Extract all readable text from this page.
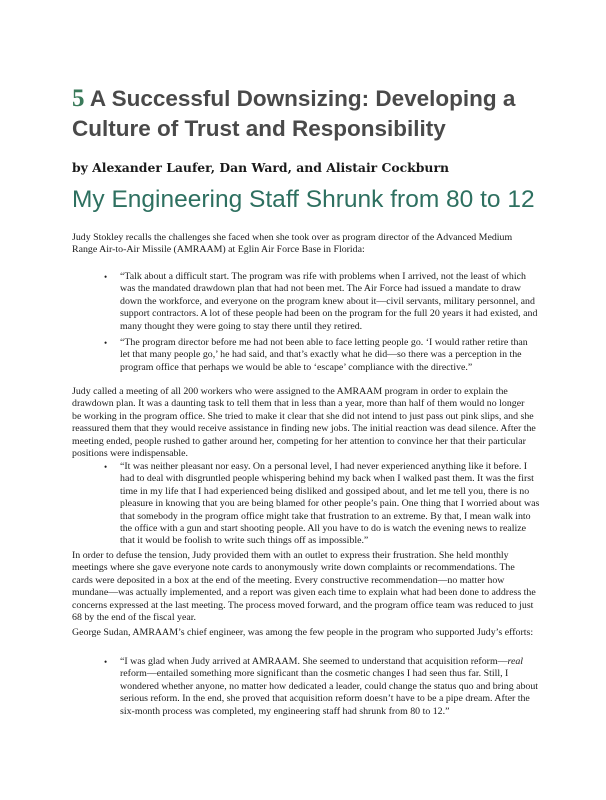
5 A Successful Downsizing: Developing a Culture of Trust and Responsibility

by Alexander Laufer, Dan Ward, and Alistair Cockburn

My Engineering Staff Shrunk from 80 to 12

Judy Stokley recalls the challenges she faced when she took over as program director of the Advanced Medium Range Air-to-Air Missile (AMRAAM) at Eglin Air Force Base in Florida:

• “Talk about a difficult start. The program was rife with problems when I arrived, not the least of which was the mandated drawdown plan that had not been met. The Air Force had issued a mandate to draw down the workforce, and everyone on the program knew about it—civil servants, military personnel, and support contractors. A lot of these people had been on the program for the full 20 years it had existed, and many thought they were going to stay there until they retired.

• “The program director before me had not been able to face letting people go. ‘I would rather retire than let that many people go,’ he had said, and that’s exactly what he did—so there was a perception in the program office that perhaps we would be able to ‘escape’ compliance with the directive.”

Judy called a meeting of all 200 workers who were assigned to the AMRAAM program in order to explain the drawdown plan. It was a daunting task to tell them that in less than a year, more than half of them would no longer be working in the program office. She tried to make it clear that she did not intend to just pass out pink slips, and she reassured them that they would receive assistance in finding new jobs. The initial reaction was dead silence. After the meeting ended, people rushed to gather around her, competing for her attention to convince her that their particular positions were indispensable.

• “It was neither pleasant nor easy. On a personal level, I had never experienced anything like it before. I had to deal with disgruntled people whispering behind my back when I walked past them. It was the first time in my life that I had experienced being disliked and gossiped about, and let me tell you, there is no pleasure in knowing that you are being blamed for other people’s pain. One thing that I worried about was that somebody in the program office might take that frustration to an extreme. By that, I mean walk into the office with a gun and start shooting people. All you have to do is watch the evening news to realize that it would be foolish to write such things off as impossible.”

In order to defuse the tension, Judy provided them with an outlet to express their frustration. She held monthly meetings where she gave everyone note cards to anonymously write down complaints or recommendations. The cards were deposited in a box at the end of the meeting. Every constructive recommendation—no matter how mundane—was actually implemented, and a report was given each time to explain what had been done to address the concerns expressed at the last meeting. The process moved forward, and the program office team was reduced to just 68 by the end of the fiscal year.

George Sudan, AMRAAM’s chief engineer, was among the few people in the program who supported Judy’s efforts:

• “I was glad when Judy arrived at AMRAAM. She seemed to understand that acquisition reform—real reform—entailed something more significant than the cosmetic changes I had seen thus far. Still, I wondered whether anyone, no matter how dedicated a leader, could change the status quo and bring about serious reform. In the end, she proved that acquisition reform doesn’t have to be a pipe dream. After the six-month process was completed, my engineering staff had shrunk from 80 to 12.”
